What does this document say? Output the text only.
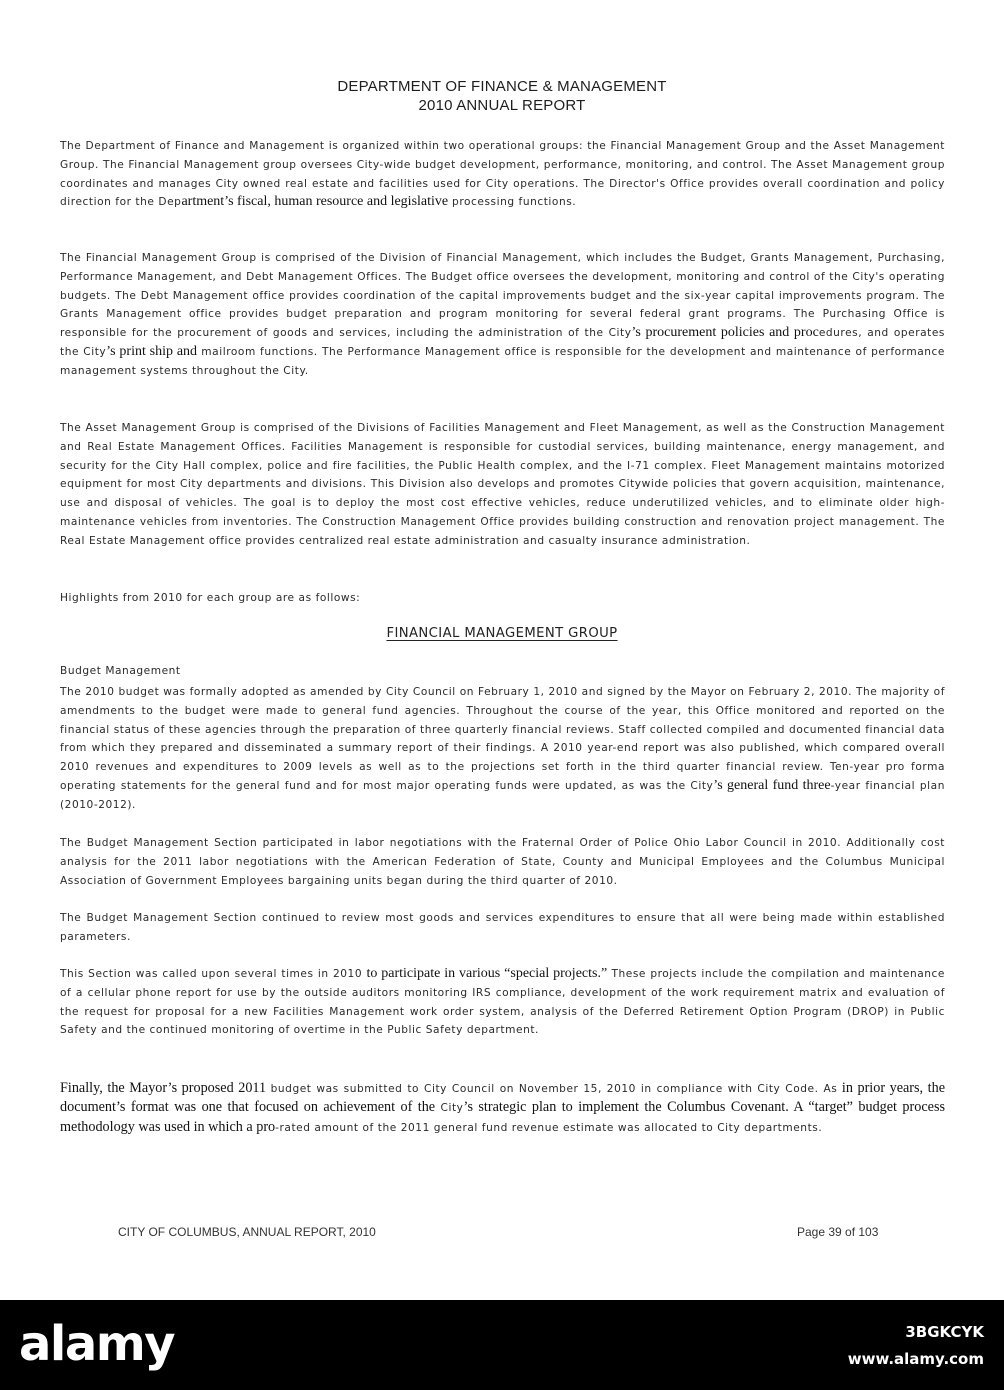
DEPARTMENT OF FINANCE & MANAGEMENT
2010 ANNUAL REPORT
The Department of Finance and Management is organized within two operational groups: the Financial Management Group and the Asset Management Group. The Financial Management group oversees City-wide budget development, performance, monitoring, and control. The Asset Management group coordinates and manages City owned real estate and facilities used for City operations. The Director's Office provides overall coordination and policy direction for the Department’s fiscal, human resource and legislative processing functions.
The Financial Management Group is comprised of the Division of Financial Management, which includes the Budget, Grants Management, Purchasing, Performance Management, and Debt Management Offices. The Budget office oversees the development, monitoring and control of the City's operating budgets. The Debt Management office provides coordination of the capital improvements budget and the six-year capital improvements program. The Grants Management office provides budget preparation and program monitoring for several federal grant programs. The Purchasing Office is responsible for the procurement of goods and services, including the administration of the City’s procurement policies and procedures, and operates the City’s print ship and mailroom functions. The Performance Management office is responsible for the development and maintenance of performance management systems throughout the City.
The Asset Management Group is comprised of the Divisions of Facilities Management and Fleet Management, as well as the Construction Management and Real Estate Management Offices. Facilities Management is responsible for custodial services, building maintenance, energy management, and security for the City Hall complex, police and fire facilities, the Public Health complex, and the I-71 complex. Fleet Management maintains motorized equipment for most City departments and divisions. This Division also develops and promotes Citywide policies that govern acquisition, maintenance, use and disposal of vehicles. The goal is to deploy the most cost effective vehicles, reduce underutilized vehicles, and to eliminate older high-maintenance vehicles from inventories. The Construction Management Office provides building construction and renovation project management. The Real Estate Management office provides centralized real estate administration and casualty insurance administration.
Highlights from 2010 for each group are as follows:
FINANCIAL MANAGEMENT GROUP
Budget Management
The 2010 budget was formally adopted as amended by City Council on February 1, 2010 and signed by the Mayor on February 2, 2010. The majority of amendments to the budget were made to general fund agencies. Throughout the course of the year, this Office monitored and reported on the financial status of these agencies through the preparation of three quarterly financial reviews. Staff collected compiled and documented financial data from which they prepared and disseminated a summary report of their findings. A 2010 year-end report was also published, which compared overall 2010 revenues and expenditures to 2009 levels as well as to the projections set forth in the third quarter financial review. Ten-year pro forma operating statements for the general fund and for most major operating funds were updated, as was the City’s general fund three-year financial plan (2010-2012).
The Budget Management Section participated in labor negotiations with the Fraternal Order of Police Ohio Labor Council in 2010. Additionally cost analysis for the 2011 labor negotiations with the American Federation of State, County and Municipal Employees and the Columbus Municipal Association of Government Employees bargaining units began during the third quarter of 2010.
The Budget Management Section continued to review most goods and services expenditures to ensure that all were being made within established parameters.
This Section was called upon several times in 2010 to participate in various “special projects.” These projects include the compilation and maintenance of a cellular phone report for use by the outside auditors monitoring IRS compliance, development of the work requirement matrix and evaluation of the request for proposal for a new Facilities Management work order system, analysis of the Deferred Retirement Option Program (DROP) in Public Safety and the continued monitoring of overtime in the Public Safety department.
Finally, the Mayor’s proposed 2011 budget was submitted to City Council on November 15, 2010 in compliance with City Code. As in prior years, the document’s format was one that focused on achievement of the City’s strategic plan to implement the Columbus Covenant. A “target” budget process methodology was used in which a pro-rated amount of the 2011 general fund revenue estimate was allocated to City departments.
CITY OF COLUMBUS, ANNUAL REPORT, 2010	Page 39 of 103
alamy	3BGKCYK
www.alamy.com
